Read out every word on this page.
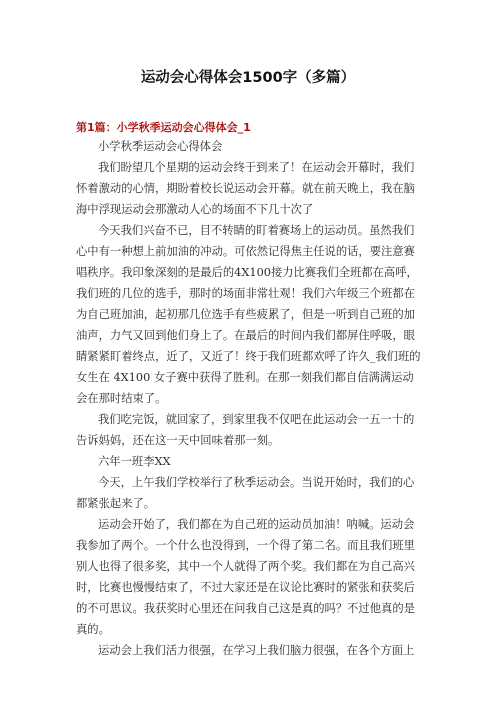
运动会心得体会1500字（多篇）
第1篇：小学秋季运动会心得体会_1

小学秋季运动会心得体会

我们盼望几个星期的运动会终于到来了！在运动会开幕时，我们
怀着激动的心情，期盼着校长说运动会开幕。就在前天晚上，我在脑
海中浮现运动会那激动人心的场面不下几十次了

今天我们兴奋不已，目不转睛的盯着赛场上的运动员。虽然我们
心中有一种想上前加油的冲动。可依然记得焦主任说的话，要注意赛
唱秩序。我印象深刻的是最后的4X100接力比赛我们全班都在高呼，
我们班的几位的选手，那时的场面非常壮观！我们六年级三个班都在
为自己班加油，起初那几位选手有些疲累了，但是一听到自己班的加
油声，力气又回到他们身上了。在最后的时间内我们都屏住呼吸，眼
睛紧紧盯着终点，近了，又近了！终于我们班都欢呼了许久_我们班的
女生在 4X100 女子赛中获得了胜利。在那一刻我们都自信满满运动
会在那时结束了。

我们吃完饭，就回家了，到家里我不仅吧在此运动会一五一十的
告诉妈妈，还在这一天中回味着那一刻。

六年一班李XX

今天，上午我们学校举行了秋季运动会。当说开始时，我们的心
都紧张起来了。

运动会开始了，我们都在为自己班的运动员加油！呐喊。运动会
我参加了两个。一个什么也没得到，一个得了第二名。而且我们班里
别人也得了很多奖，其中一个人就得了两个奖。我们都在为自己高兴
时，比赛也慢慢结束了，不过大家还是在议论比赛时的紧张和获奖后
的不可思议。我获奖时心里还在问我自己这是真的吗？不过他真的是
真的。

运动会上我们活力很强，在学习上我们脑力很强，在各个方面上
